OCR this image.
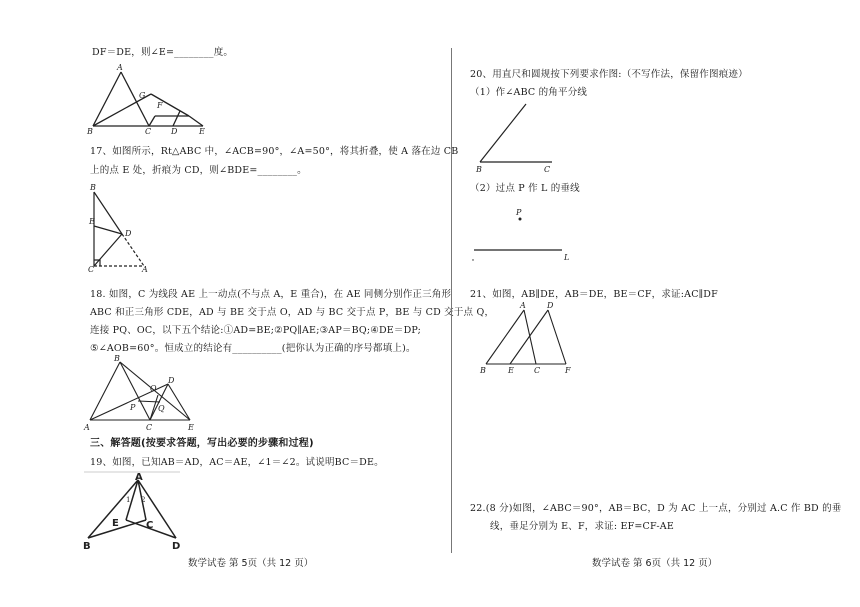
DF＝DE，则∠E=________度。
A
G
F
B	C D	E
17、如图所示，Rt△ABC 中，∠ACB=90°，∠A=50°，将其折叠，使 A 落在边 CB
上的点 E 处，折痕为 CD，则∠BDE=________。
B
E
D
C	A
18. 如图，C 为线段 AE 上一动点(不与点 A，E 重合)，在 AE 同侧分别作正三角形
ABC 和正三角形 CDE，AD 与 BE 交于点 O，AD 与 BC 交于点 P，BE 与 CD 交于点 Q，
连接 PQ、OC，以下五个结论:①AD=BE;②PQ∥AE;③AP＝BQ;④DE＝DP;
⑤∠AOB=60°。恒成立的结论有__________(把你认为正确的序号都填上)。
B
O
D
P	Q
A	C	E
三、解答题(按要求答题，写出必要的步骤和过程)
19、如图，已知AB＝AD，AC＝AE，∠1＝∠2。试说明BC＝DE。
A
1 2
E	C
B	D
数学试卷 第 5页（共 12 页）
20、用直尺和圆规按下列要求作图:（不写作法，保留作图痕迹）
（1）作∠ABC 的角平分线
B	C
（2）过点 P 作 L 的垂线
P
L
21、如图，AB∥DE，AB＝DE，BE＝CF，求证:AC∥DF
A	D
B	E	C	F
22.(8 分)如图，∠ABC＝90°，AB＝BC，D 为 AC 上一点，分别过 A.C 作 BD 的垂
线，垂足分别为 E、F，求证: EF=CF-AE
数学试卷 第 6页（共 12 页）
